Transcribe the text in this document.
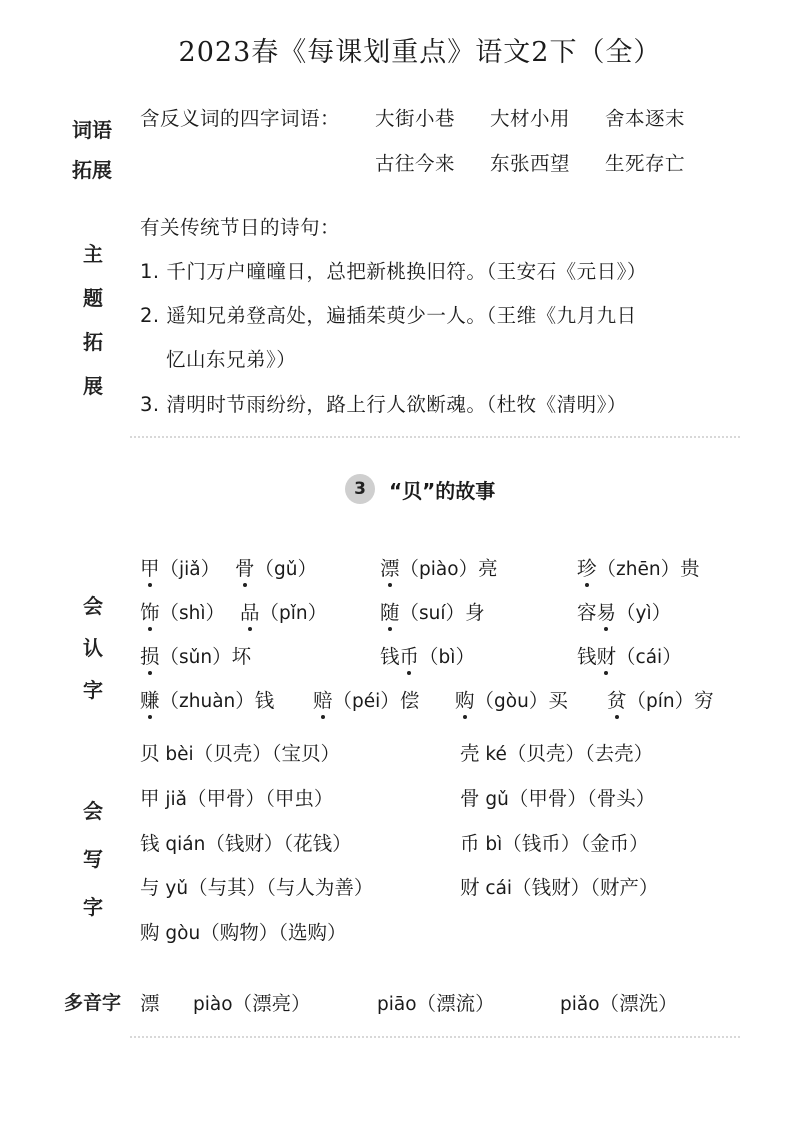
2023春《每课划重点》语文2下（全）
词语
拓展
含反义词的四字词语： 大街小巷 大材小用 舍本逐末
古往今来 东张西望 生死存亡
主
题
拓
展
有关传统节日的诗句：
1. 千门万户曈曈日，总把新桃换旧符。（王安石《元日》）
2. 遥知兄弟登高处，遍插茱萸少一人。（王维《九月九日
忆山东兄弟》）
3. 清明时节雨纷纷，路上行人欲断魂。（杜牧《清明》）
3	“贝”的故事
会
认
字
甲（jiǎ） 骨（gǔ）	漂（piào）亮	珍（zhēn）贵
饰（shì） 品（pǐn）	随（suí）身	容易（yì）
损（sǔn）坏	钱币（bì）	钱财（cái）
赚（zhuàn）钱 赔（péi）偿 购（gòu）买 贫（pín）穷
会
写
字
贝 bèi（贝壳）（宝贝）	壳 ké（贝壳）（去壳）
甲 jiǎ（甲骨）（甲虫）	骨 gǔ（甲骨）（骨头）
钱 qián（钱财）（花钱）	币 bì（钱币）（金币）
与 yǔ（与其）（与人为善）	财 cái（钱财）（财产）
购 gòu（购物）（选购）
多音字 漂 piào（漂亮）	piāo（漂流）	piǎo（漂洗）
